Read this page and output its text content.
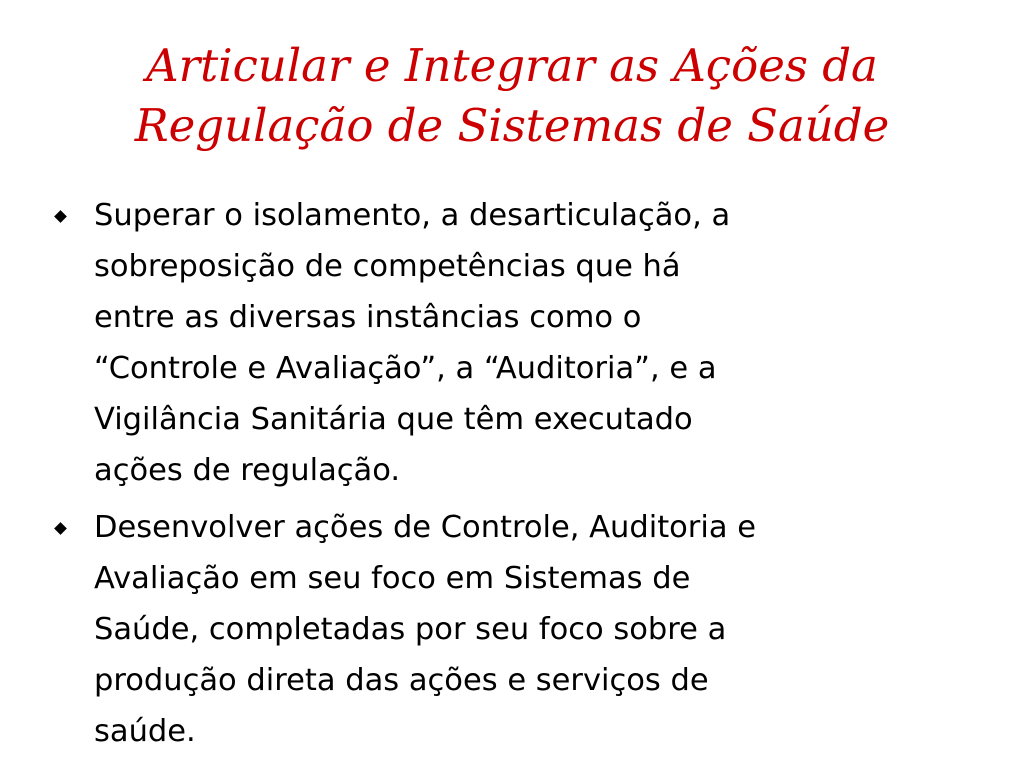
Articular e Integrar as Ações da
Regulação de Sistemas de Saúde
Superar o isolamento, a desarticulação, a
sobreposição de competências que há
entre as diversas instâncias como o
“Controle e Avaliação”, a “Auditoria”, e a
Vigilância Sanitária que têm executado
ações de regulação.
Desenvolver ações de Controle, Auditoria e
Avaliação em seu foco em Sistemas de
Saúde, completadas por seu foco sobre a
produção direta das ações e serviços de
saúde.
